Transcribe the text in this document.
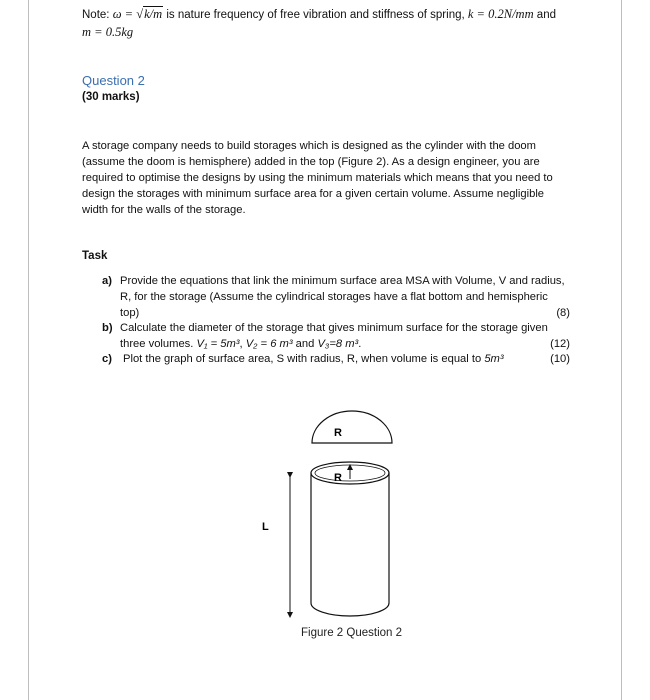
Note: ω = √k/m is nature frequency of free vibration and stiffness of spring, k = 0.2N/mm and
m = 0.5kg
Question 2
(30 marks)
A storage company needs to build storages which is designed as the cylinder with the doom (assume the doom is hemisphere) added in the top (Figure 2). As a design engineer, you are required to optimise the designs by using the minimum materials which means that you need to design the storages with minimum surface area for a given certain volume. Assume negligible width for the walls of the storage.
Task
a) Provide the equations that link the minimum surface area MSA with Volume, V and radius, R, for the storage (Assume the cylindrical storages have a flat bottom and hemispheric top)	(8)
b) Calculate the diameter of the storage that gives minimum surface for the storage given three volumes. V₁ = 5m³, V₂ = 6 m³ and V₃=8 m³.	(12)
c) Plot the graph of surface area, S with radius, R, when volume is equal to 5m³	(10)
R
R
L
Figure 2 Question 2
